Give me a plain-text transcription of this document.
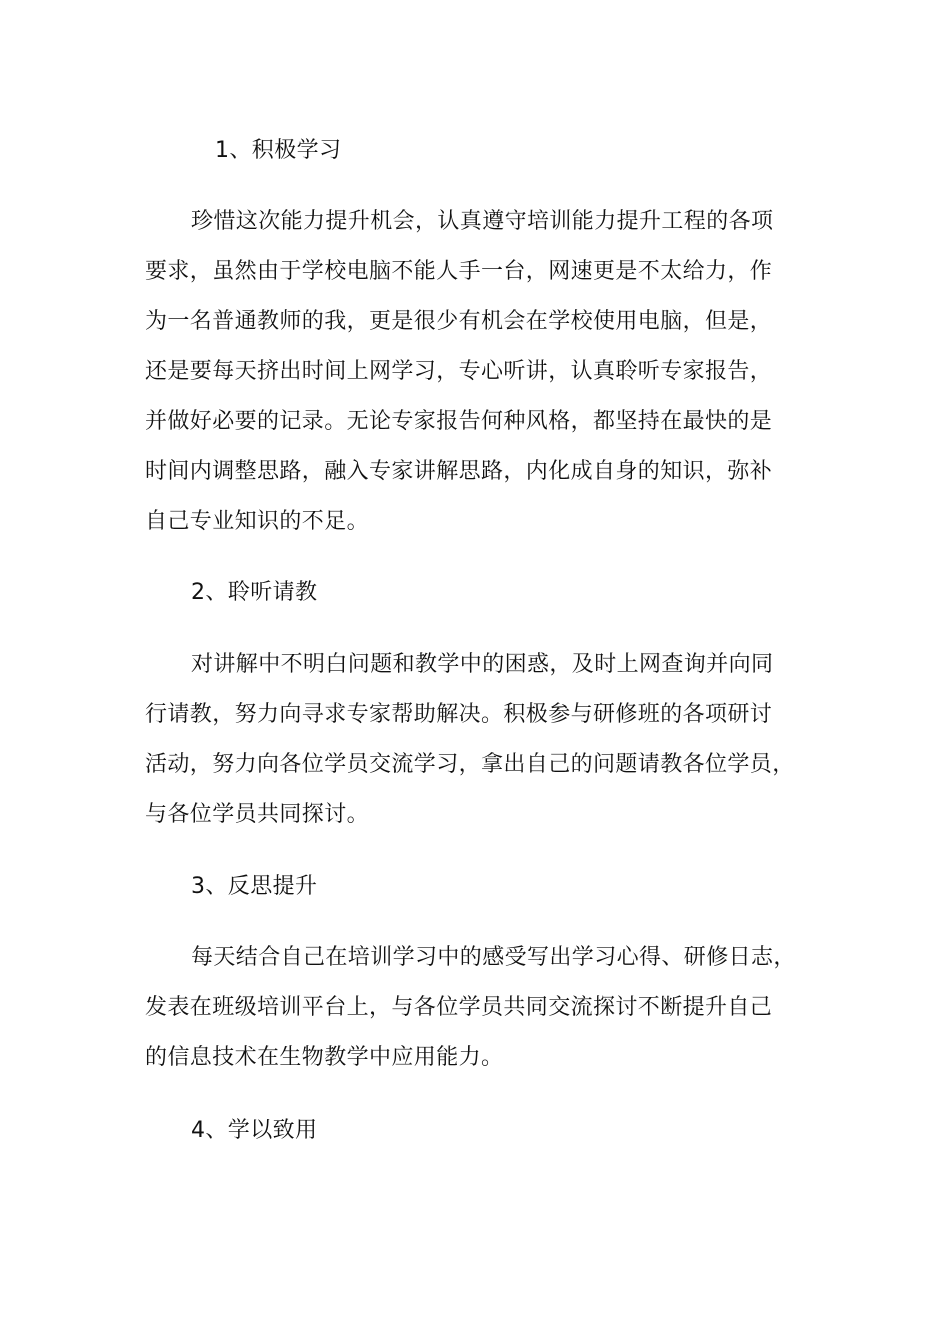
1、积极学习
珍惜这次能力提升机会，认真遵守培训能力提升工程的各项
要求，虽然由于学校电脑不能人手一台，网速更是不太给力，作
为一名普通教师的我，更是很少有机会在学校使用电脑，但是，
还是要每天挤出时间上网学习，专心听讲，认真聆听专家报告，
并做好必要的记录。无论专家报告何种风格，都坚持在最快的是
时间内调整思路，融入专家讲解思路，内化成自身的知识，弥补
自己专业知识的不足。
2、聆听请教
对讲解中不明白问题和教学中的困惑，及时上网查询并向同
行请教，努力向寻求专家帮助解决。积极参与研修班的各项研讨
活动，努力向各位学员交流学习，拿出自己的问题请教各位学员，
与各位学员共同探讨。
3、反思提升
每天结合自己在培训学习中的感受写出学习心得、研修日志，
发表在班级培训平台上，与各位学员共同交流探讨不断提升自己
的信息技术在生物教学中应用能力。
4、学以致用
